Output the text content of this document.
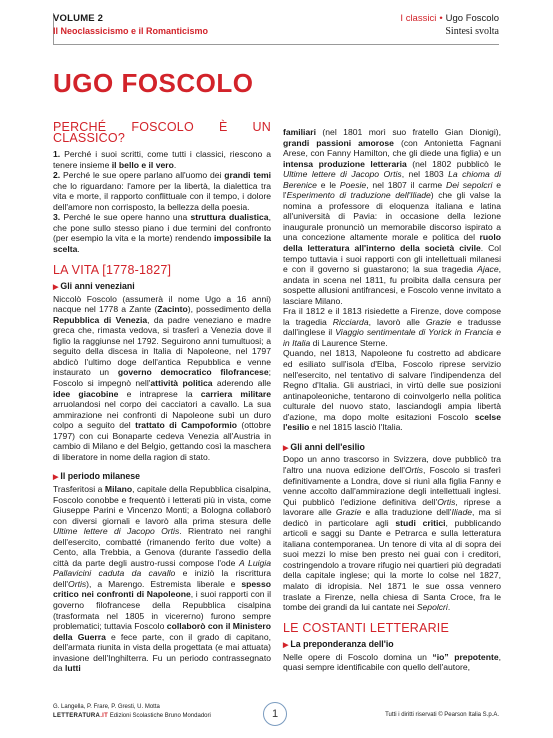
VOLUME 2
Il Neoclassicismo e il Romanticismo
I classici • Ugo Foscolo
Sintesi svolta
UGO FOSCOLO
PERCHÉ FOSCOLO È UN CLASSICO?

1. Perché i suoi scritti, come tutti i classici, riescono a tenere insieme il bello e il vero.

2. Perché le sue opere parlano all'uomo dei grandi temi che lo riguardano: l'amore per la libertà, la dialettica tra vita e morte, il rapporto conflittuale con il tempo, i dolore dell'amore non corrisposto, la bellezza della poesia.

3. Perché le sue opere hanno una struttura dualistica, che pone sullo stesso piano i due termini del confronto (per esempio la vita e la morte) rendendo impossibile la scelta.

LA VITA [1778-1827]
▶ Gli anni veneziani

Niccolò Foscolo (assumerà il nome Ugo a 16 anni) nacque nel 1778 a Zante (Zacinto), possedimento della Repubblica di Venezia, da padre veneziano e madre greca che, rimasta vedova, si trasferì a Venezia dove il figlio la raggiunse nel 1792. Seguirono anni tumultuosi; a seguito della discesa in Italia di Napoleone, nel 1797 abdicò l'ultimo doge dell'antica Repubblica e venne instaurato un governo democratico filofrancese; Foscolo si impegnò nell'attività politica aderendo alle idee giacobine e intraprese la carriera militare arruolandosi nel corpo dei cacciatori a cavallo. La sua ammirazione nei confronti di Napoleone subì un duro colpo a seguito del trattato di Campoformio (ottobre 1797) con cui Bonaparte cedeva Venezia all'Austria in cambio di Milano e del Belgio, gettando così la maschera di liberatore in nome della ragion di stato.

▶ Il periodo milanese

Trasferitosi a Milano, capitale della Repubblica cisalpina, Foscolo conobbe e frequentò i letterati più in vista, come Giuseppe Parini e Vincenzo Monti; a Bologna collaborò con diversi giornali e lavorò alla prima stesura delle Ultime lettere di Jacopo Ortis. Rientrato nei ranghi dell'esercito, combatté (rimanendo ferito due volte) a Cento, alla Trebbia, a Genova (durante l'assedio della città da parte degli austro-russi compose l'ode A Luigia Pallavicini caduta da cavallo e iniziò la riscrittura dell'Ortis), a Marengo. Estremista liberale e spesso critico nei confronti di Napoleone, i suoi rapporti con il governo filofrancese della Repubblica cisalpina (trasformata nel 1805 in vicereгno) furono sempre problematici; tuttavia Foscolo collaborò con il Ministero della Guerra e fece parte, con il grado di capitano, dell'armata riunita in vista della progettata (e mai attuata) invasione dell'Inghilterra. Fu un periodo contrassegnato da lutti

familiari (nel 1801 morì suo fratello Gian Dionigi), grandi passioni amorose (con Antonietta Fagnani Arese, con Fanny Hamilton, che gli diede una figlia) e un intensa produzione letteraria (nel 1802 pubblicò le Ultime lettere di Jacopo Ortis, nel 1803 La chioma di Berenice e le Poesie, nel 1807 il carme Dei sepolcri e l'Esperimento di traduzione dell'Iliade) che gli valse la nomina a professore di eloquenza italiana e latina all'università di Pavia: in occasione della lezione inaugurale pronunciò un memorabile discorso ispirato a una concezione altamente morale e politica del ruolo della letteratura all'interno della società civile. Col tempo tuttavia i suoi rapporti con gli intellettuali milanesi e con il governo si guastarono; la sua tragedia Ajace, andata in scena nel 1811, fu proibita dalla censura per sospette allusioni antifrancesi, e Foscolo venne invitato a lasciare Milano.

Fra il 1812 e il 1813 risiedette a Firenze, dove compose la tragedia Ricciarda, lavorò alle Grazie e tradusse dall'inglese il Viaggio sentimentale di Yorick in Francia e in Italia di Laurence Sterne.

Quando, nel 1813, Napoleone fu costretto ad abdicare ed esiliato sull'isola d'Elba, Foscolo riprese servizio nell'esercito, nel tentativo di salvare l'indipendenza del Regno d'Italia. Gli austriaci, in virtù delle sue posizioni antinapoleoniche, tentarono di coinvolgerlo nella politica culturale del nuovo stato, lasciandogli ampia libertà d'azione, ma dopo molte esitazioni Foscolo scelse l'esilio e nel 1815 lasciò l'Italia.

▶ Gli anni dell'esilio

Dopo un anno trascorso in Svizzera, dove pubblicò tra l'altro una nuova edizione dell'Ortis, Foscolo si trasferì definitivamente a Londra, dove si riunì alla figlia Fanny e venne accolto dall'ammirazione degli intellettuali inglesi. Qui pubblicò l'edizione definitiva dell'Ortis, riprese a lavorare alle Grazie e alla traduzione dell'Iliade, ma si dedicò in particolare agli studi critici, pubblicando articoli e saggi su Dante e Petrarca e sulla letteratura italiana contemporanea. Un tenore di vita al di sopra dei suoi mezzi lo mise ben presto nei guai con i creditori, costringendolo a trovare rifugio nei quartieri più degradati della capitale inglese; qui la morte lo colse nel 1827, malato di idropisia. Nel 1871 le sue ossa vennero traslate a Firenze, nella chiesa di Santa Croce, fra le tombe dei grandi da lui cantate nei Sepolcri.

LE COSTANTI LETTERARIE
▶ La preponderanza dell'io

Nelle opere di Foscolo domina un “io” prepotente, quasi sempre identificabile con quello dell'autore,

G. Langella, P. Frare, P. Gresti, U. Motta
LETTERATURA.IT Edizioni Scolastiche Bruno Mondadori	1	Tutti i diritti riservati © Pearson Italia S.p.A.
